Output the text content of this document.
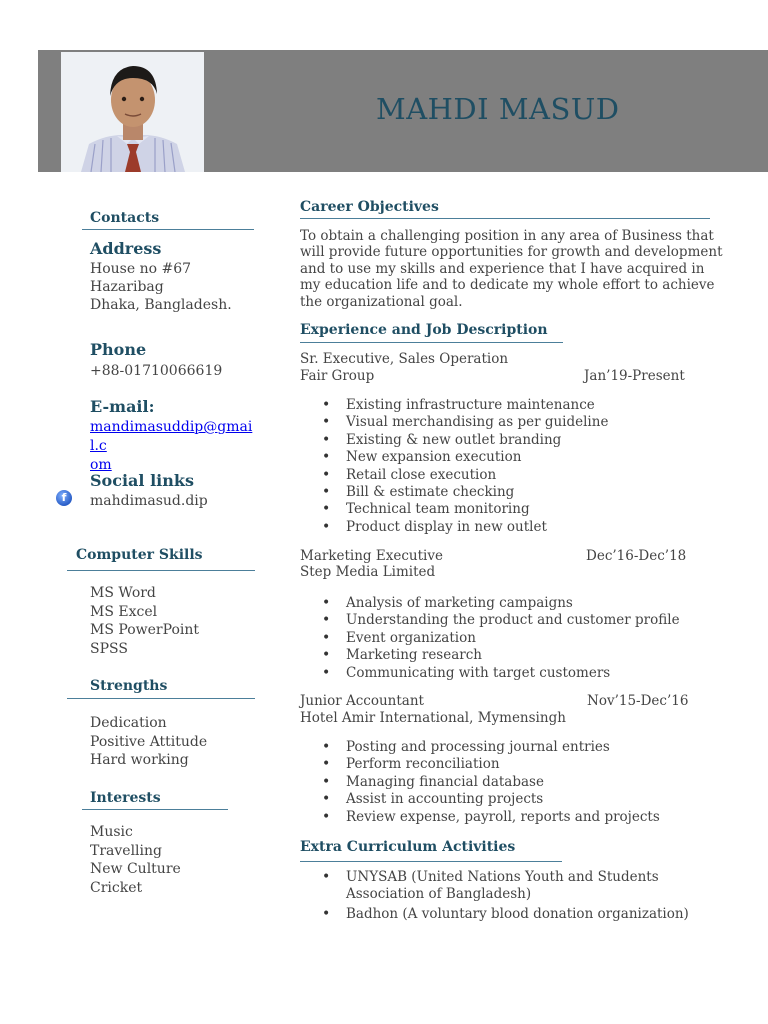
MAHDI MASUD
Contacts
Address
House no #67
Hazaribag
Dhaka, Bangladesh.
Phone
+88-01710066619
E-mail:
mandimasuddip@gmail.c
om
Social links
f	mahdimasud.dip
Computer Skills
MS Word
MS Excel
MS PowerPoint
SPSS
Strengths
Dedication
Positive Attitude
Hard working
Interests
Music
Travelling
New Culture
Cricket
Career Objectives
To obtain a challenging position in any area of Business that
will provide future opportunities for growth and development
and to use my skills and experience that I have acquired in
my education life and to dedicate my whole effort to achieve
the organizational goal.
Experience and Job Description
Sr. Executive, Sales Operation
Fair Group	Jan’19-Present
• Existing infrastructure maintenance
• Visual merchandising as per guideline
• Existing & new outlet branding
• New expansion execution
• Retail close execution
• Bill & estimate checking
• Technical team monitoring
• Product display in new outlet
Marketing Executive	Dec’16-Dec’18
Step Media Limited
• Analysis of marketing campaigns
• Understanding the product and customer profile
• Event organization
• Marketing research
• Communicating with target customers
Junior Accountant	Nov’15-Dec’16
Hotel Amir International, Mymensingh
• Posting and processing journal entries
• Perform reconciliation
• Managing financial database
• Assist in accounting projects
• Review expense, payroll, reports and projects
Extra Curriculum Activities
• UNYSAB (United Nations Youth and Students
Association of Bangladesh)
• Badhon (A voluntary blood donation organization)
